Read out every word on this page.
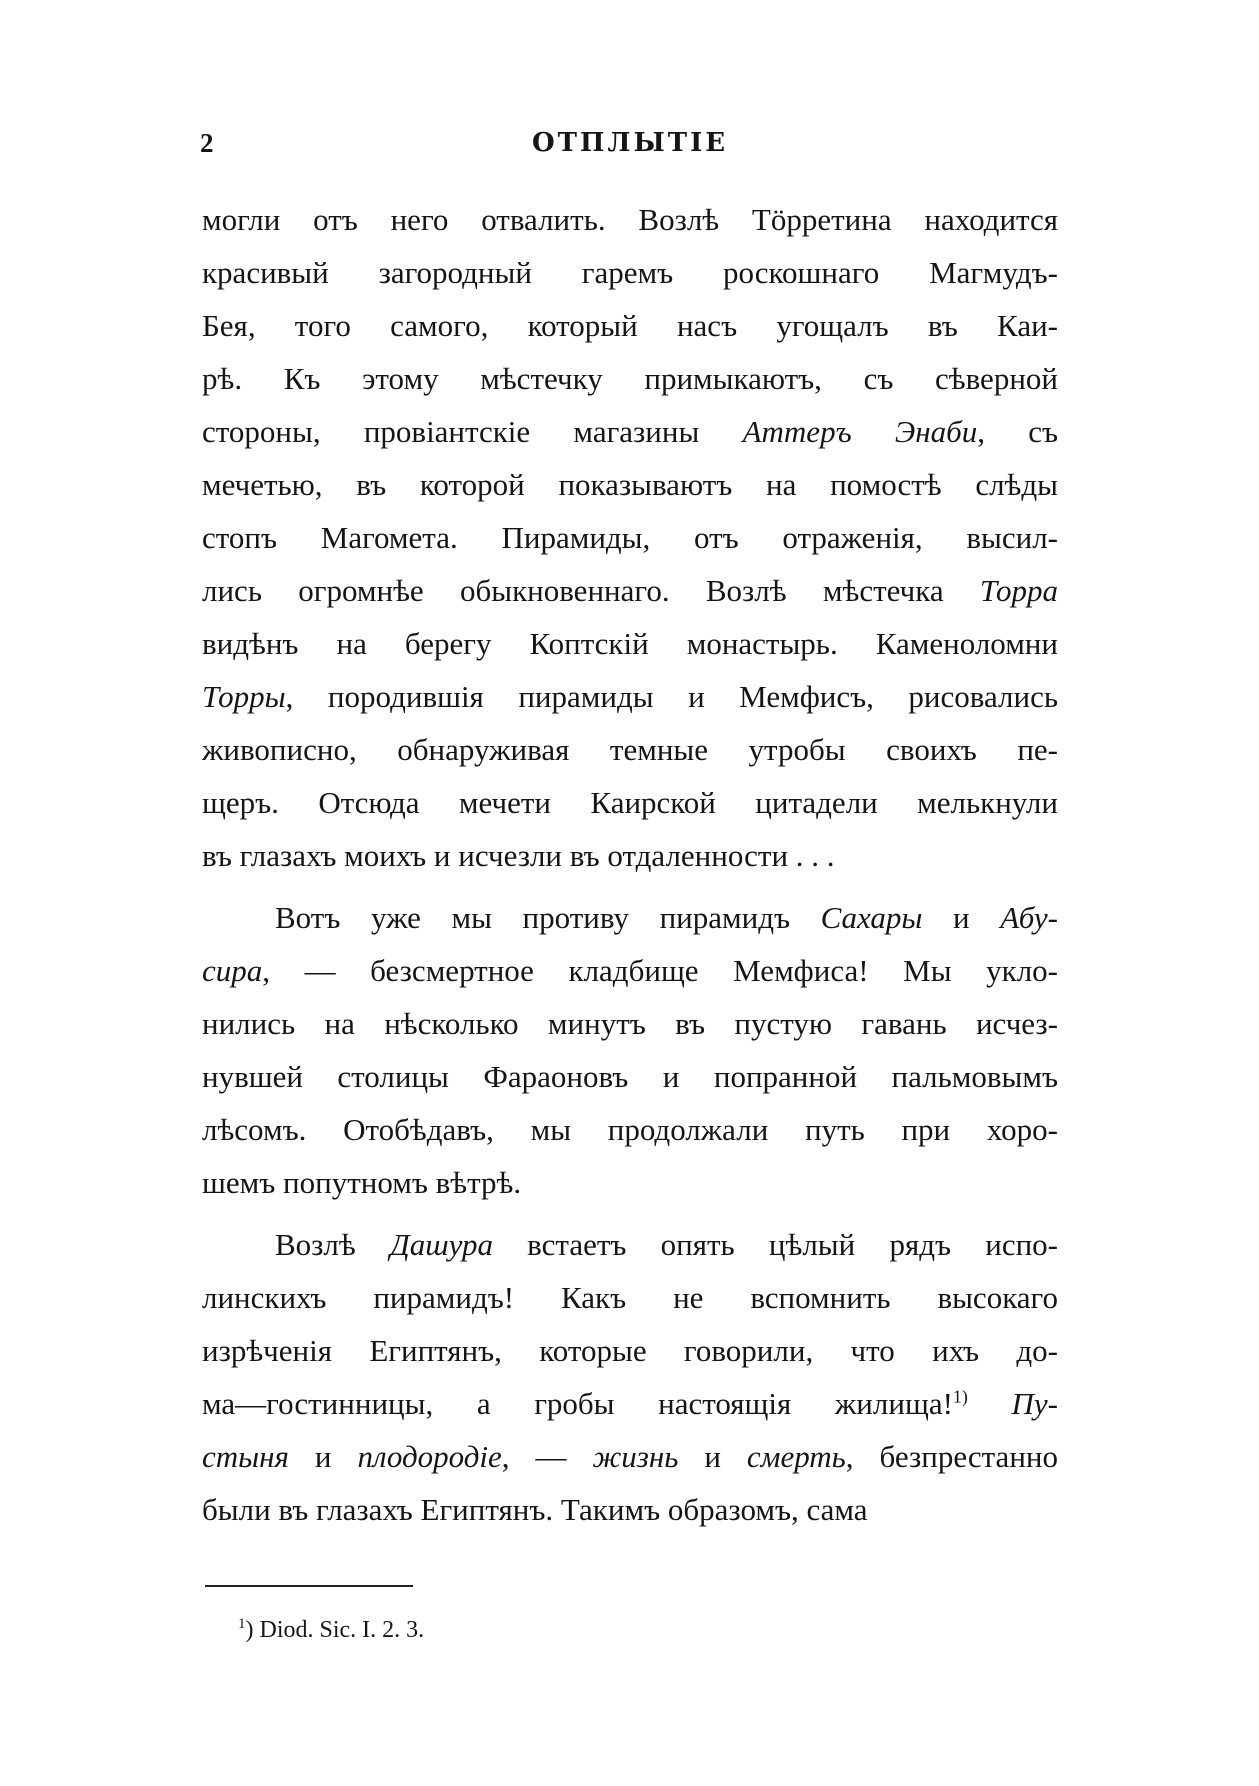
2	ОТПЛЫТІЕ
могли отъ него отвалить. Возлѣ Тöрретина находится
красивый загородный гаремъ роскошнаго Магмудъ-
Бея, того самого, который насъ угощалъ въ Каи-
рѣ. Къ этому мѣстечку примыкаютъ, съ сѣверной
стороны, провіантскіе магазины Аттеръ Энаби, съ
мечетью, въ которой показываютъ на помостѣ слѣды
стопъ Магомета. Пирамиды, отъ отраженія, высил-
лись огромнѣе обыкновеннаго. Возлѣ мѣстечка Торра
видѣнъ на берегу Коптскій монастырь. Каменоломни
Торры, породившія пирамиды и Мемфисъ, рисовались
живописно, обнаруживая темные утробы своихъ пе-
щеръ. Отсюда мечети Каирской цитадели мелькнули
въ глазахъ моихъ и исчезли въ отдаленности . . .
Вотъ уже мы противу пирамидъ Сахары и Абу-
сира, — безсмертное кладбище Мемфиса! Мы укло-
нились на нѣсколько минутъ въ пустую гавань исчез-
нувшей столицы Фараоновъ и попранной пальмовымъ
лѣсомъ. Отобѣдавъ, мы продолжали путь при хоро-
шемъ попутномъ вѣтрѣ.
Возлѣ Дашура встаетъ опять цѣлый рядъ испо-
линскихъ пирамидъ! Какъ не вспомнить высокаго
изрѣченія Египтянъ, которые говорили, что ихъ до-
ма—гостинницы, а гробы настоящія жилища!$^{1)}$ Пу-
стыня и плодородіе, — жизнь и смерть, безпрестанно
были въ глазахъ Египтянъ. Такимъ образомъ, сама
$^1$) Diod. Sic. I. 2. 3.
